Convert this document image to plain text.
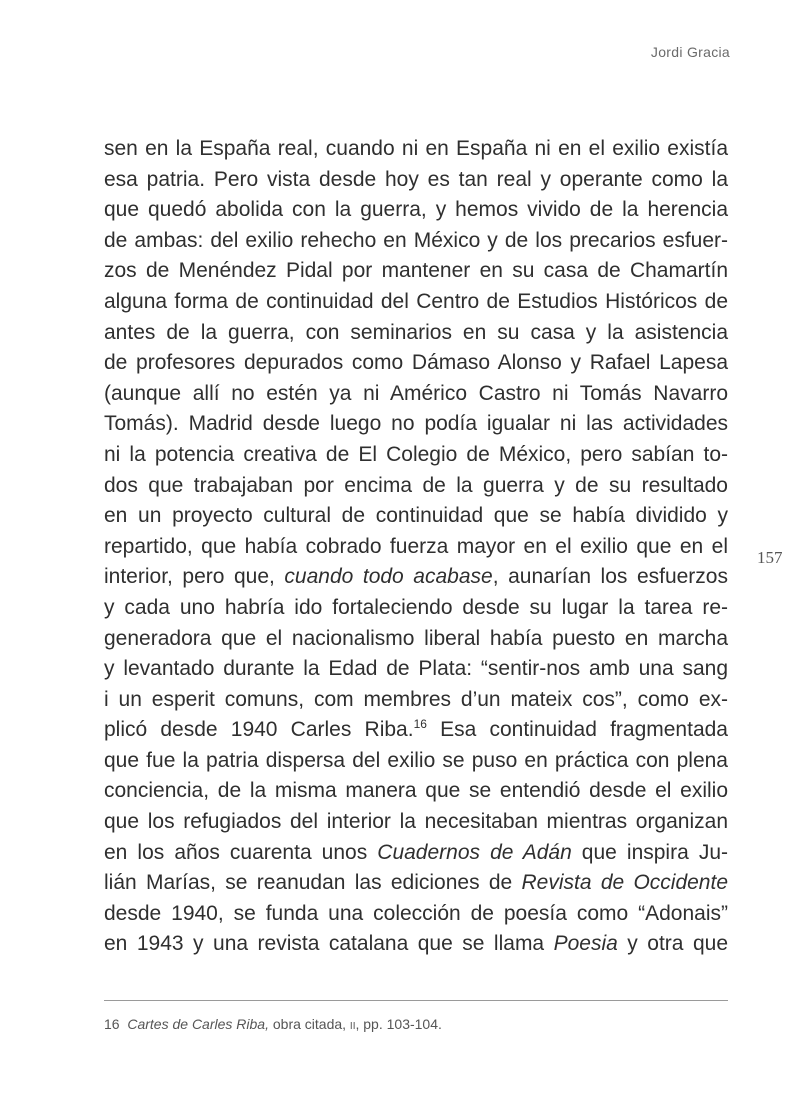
Jordi Gracia
sen en la España real, cuando ni en España ni en el exilio existía
esa patria. Pero vista desde hoy es tan real y operante como la
que quedó abolida con la guerra, y hemos vivido de la herencia
de ambas: del exilio rehecho en México y de los precarios esfuer-
zos de Menéndez Pidal por mantener en su casa de Chamartín
alguna forma de continuidad del Centro de Estudios Históricos de
antes de la guerra, con seminarios en su casa y la asistencia
de profesores depurados como Dámaso Alonso y Rafael Lapesa
(aunque allí no estén ya ni Américo Castro ni Tomás Navarro
Tomás). Madrid desde luego no podía igualar ni las actividades
ni la potencia creativa de El Colegio de México, pero sabían to-
dos que trabajaban por encima de la guerra y de su resultado
en un proyecto cultural de continuidad que se había dividido y
repartido, que había cobrado fuerza mayor en el exilio que en el
interior, pero que, cuando todo acabase, aunarían los esfuerzos
y cada uno habría ido fortaleciendo desde su lugar la tarea re-
generadora que el nacionalismo liberal había puesto en marcha
y levantado durante la Edad de Plata: “sentir-nos amb una sang
i un esperit comuns, com membres d’un mateix cos”, como ex-
plicó desde 1940 Carles Riba.$^{16}$ Esa continuidad fragmentada
que fue la patria dispersa del exilio se puso en práctica con plena
conciencia, de la misma manera que se entendió desde el exilio
que los refugiados del interior la necesitaban mientras organizan
en los años cuarenta unos Cuadernos de Adán que inspira Ju-
lián Marías, se reanudan las ediciones de Revista de Occidente
desde 1940, se funda una colección de poesía como “Adonais”
en 1943 y una revista catalana que se llama Poesia y otra que
157
16 Cartes de Carles Riba, obra citada, II, pp. 103-104.
